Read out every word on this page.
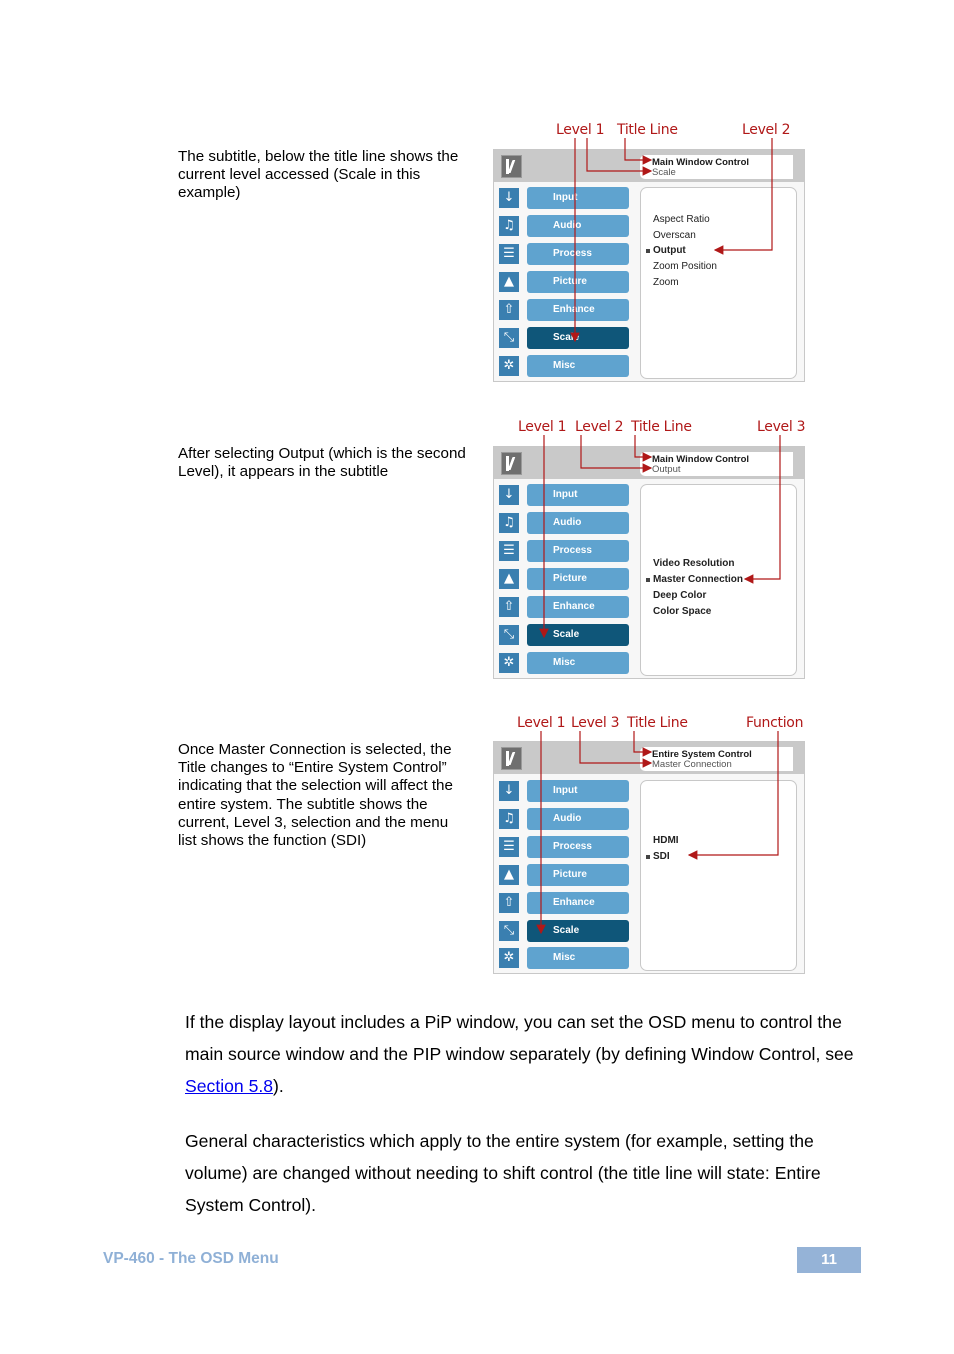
The subtitle, below the title line shows the current level accessed (Scale in this example)
Level 1 Title Line	Level 2
Main Window Control
Scale
↓	Input
♫	Audio
☰	Process
▲	Picture
⇧	Enhance
⤡	Scale
✲	Misc
Aspect Ratio
Overscan
Output
Zoom Position
Zoom
After selecting Output (which is the second Level), it appears in the subtitle
Level 1 Level 2 Title Line	Level 3
Main Window Control
Output
↓	Input
♫	Audio
☰	Process
▲	Picture
⇧	Enhance
⤡	Scale
✲	Misc
Video Resolution
Master Connection
Deep Color
Color Space
Once Master Connection is selected, the Title changes to “Entire System Control” indicating that the selection will affect the entire system. The subtitle shows the current, Level 3, selection and the menu list shows the function (SDI)
Level 1 Level 3 Title Line	Function
Entire System Control
Master Connection
↓	Input
♫	Audio
☰	Process
▲	Picture
⇧	Enhance
⤡	Scale
✲	Misc
HDMI
SDI
If the display layout includes a PiP window, you can set the OSD menu to control the main source window and the PIP window separately (by defining Window Control, see Section 5.8).
General characteristics which apply to the entire system (for example, setting the volume) are changed without needing to shift control (the title line will state: Entire System Control).
VP-460 - The OSD Menu	11
